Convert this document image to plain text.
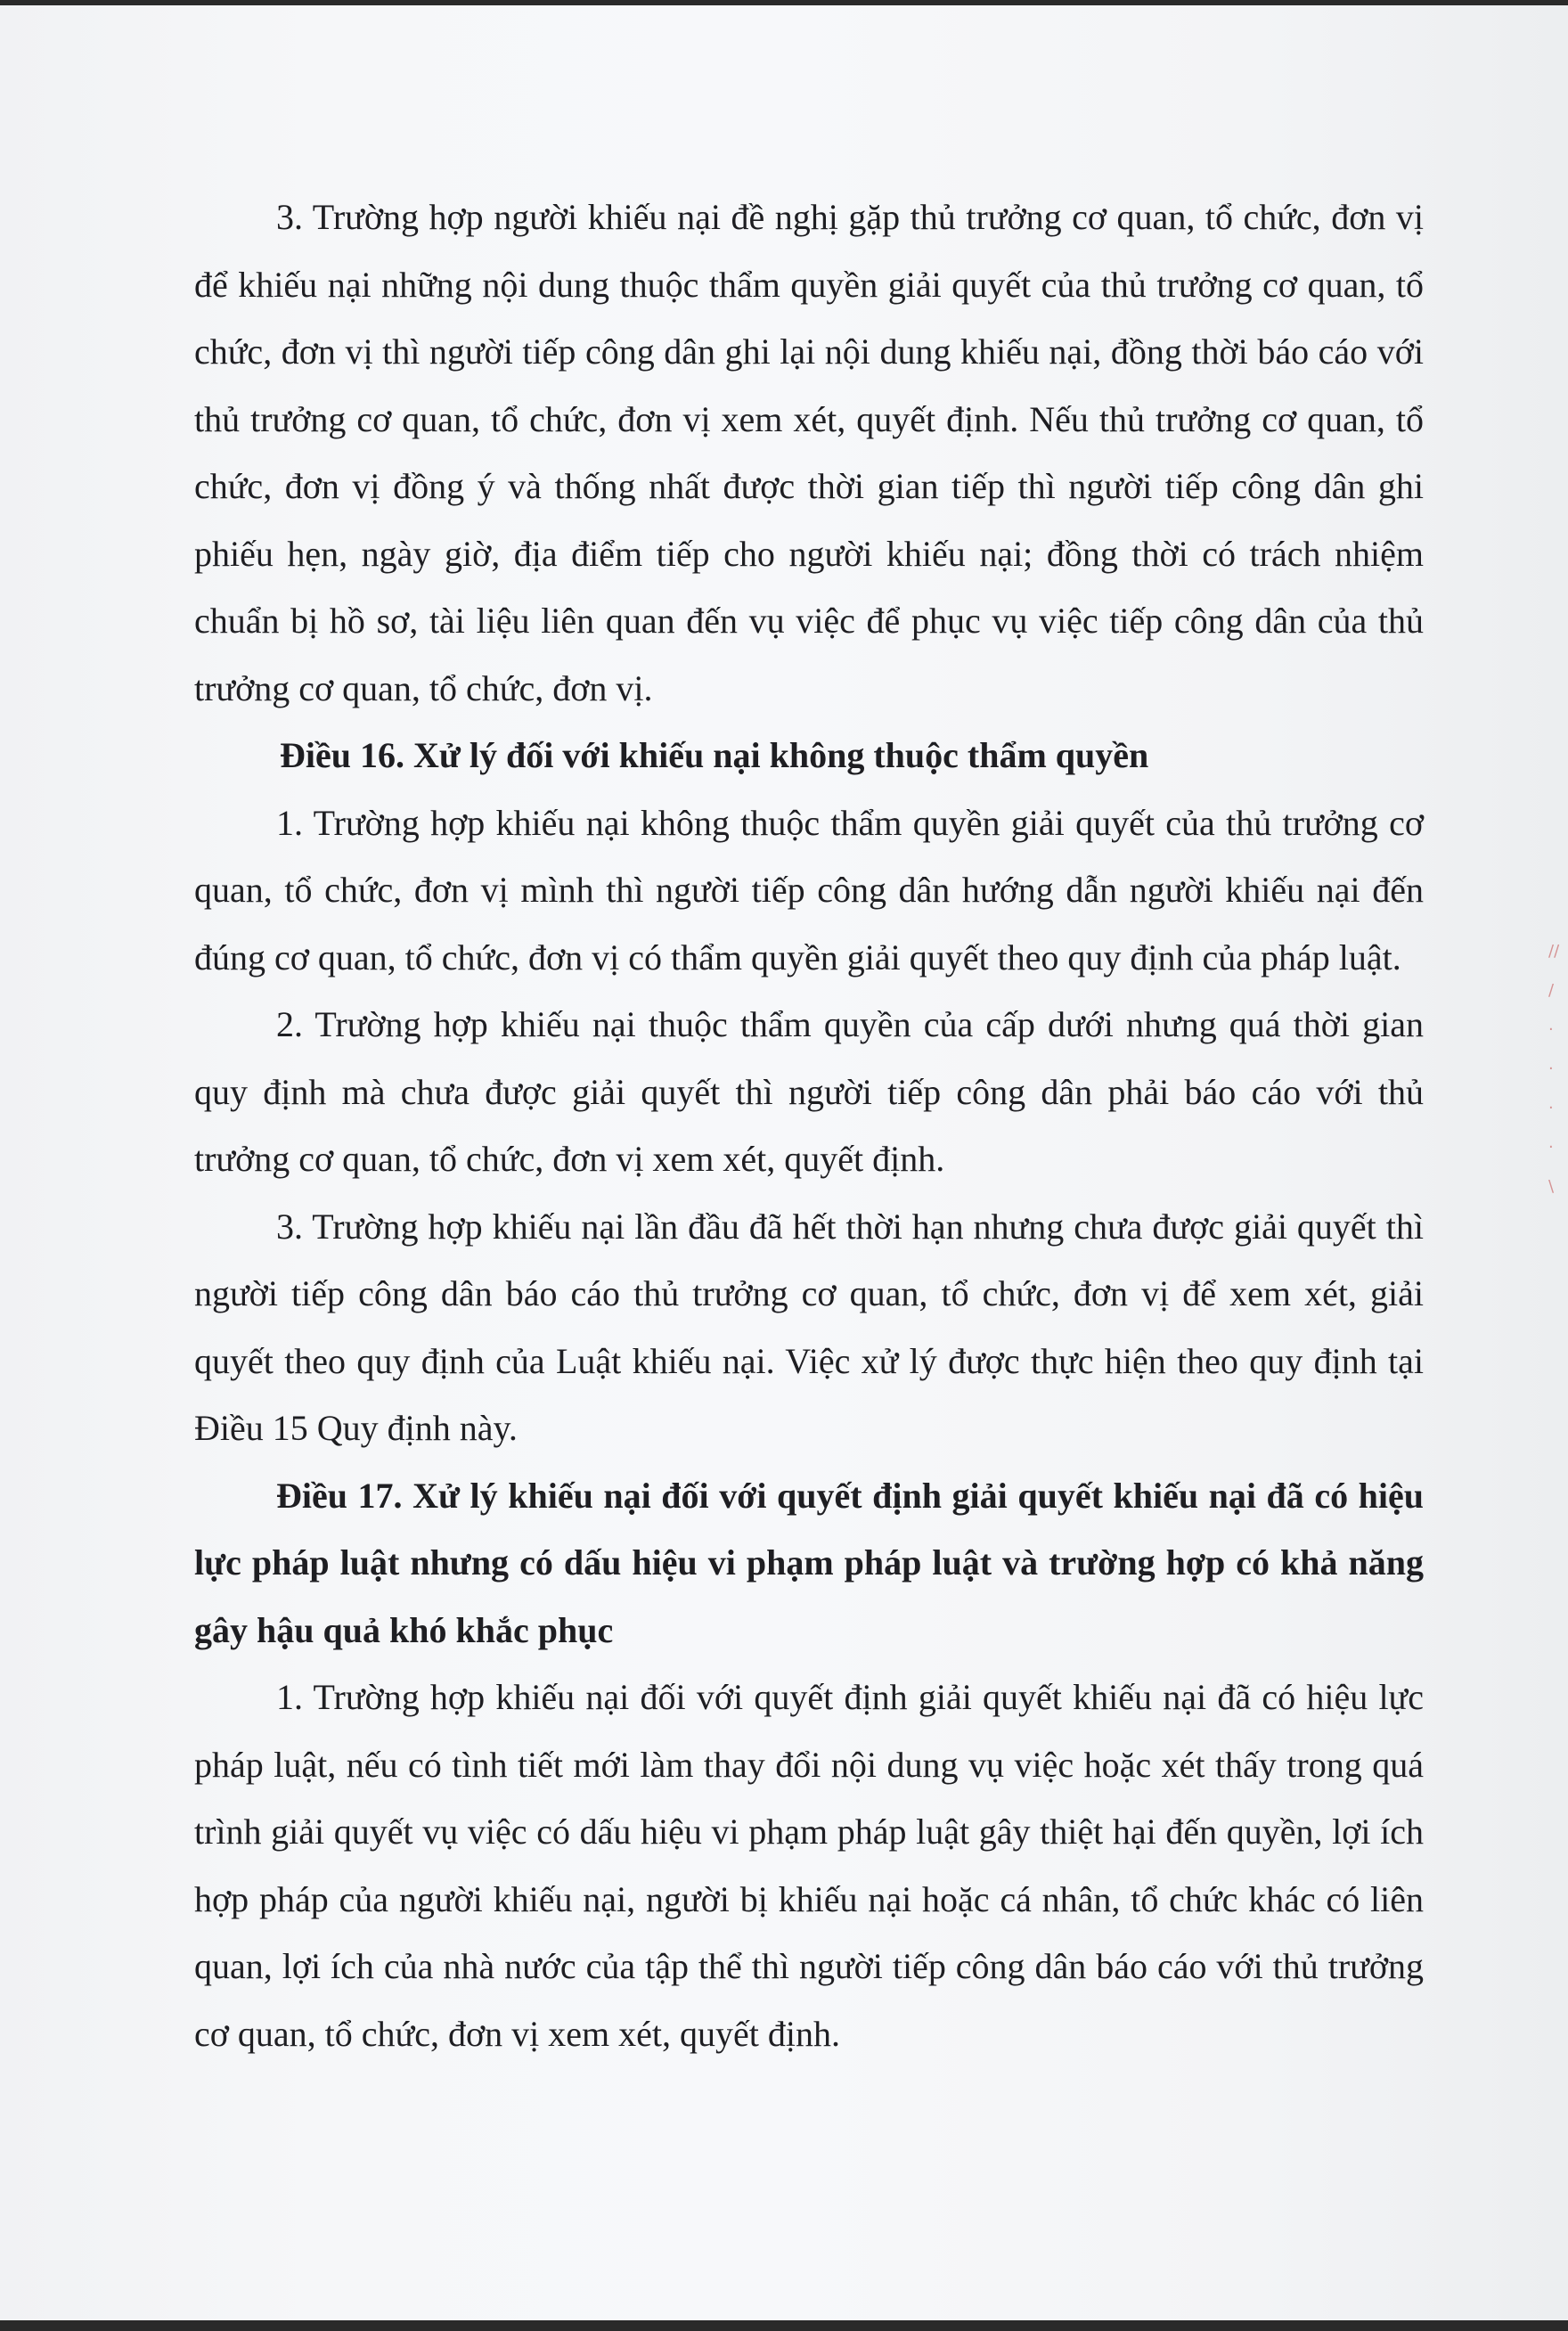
//
/
·
·
·
·
\

3. Trường hợp người khiếu nại đề nghị gặp thủ trưởng cơ quan, tổ chức, đơn vị để khiếu nại những nội dung thuộc thẩm quyền giải quyết của thủ trưởng cơ quan, tổ chức, đơn vị thì người tiếp công dân ghi lại nội dung khiếu nại, đồng thời báo cáo với thủ trưởng cơ quan, tổ chức, đơn vị xem xét, quyết định. Nếu thủ trưởng cơ quan, tổ chức, đơn vị đồng ý và thống nhất được thời gian tiếp thì người tiếp công dân ghi phiếu hẹn, ngày giờ, địa điểm tiếp cho người khiếu nại; đồng thời có trách nhiệm chuẩn bị hồ sơ, tài liệu liên quan đến vụ việc để phục vụ việc tiếp công dân của thủ trưởng cơ quan, tổ chức, đơn vị.

Điều 16. Xử lý đối với khiếu nại không thuộc thẩm quyền

1. Trường hợp khiếu nại không thuộc thẩm quyền giải quyết của thủ trưởng cơ quan, tổ chức, đơn vị mình thì người tiếp công dân hướng dẫn người khiếu nại đến đúng cơ quan, tổ chức, đơn vị có thẩm quyền giải quyết theo quy định của pháp luật.

2. Trường hợp khiếu nại thuộc thẩm quyền của cấp dưới nhưng quá thời gian quy định mà chưa được giải quyết thì người tiếp công dân phải báo cáo với thủ trưởng cơ quan, tổ chức, đơn vị xem xét, quyết định.

3. Trường hợp khiếu nại lần đầu đã hết thời hạn nhưng chưa được giải quyết thì người tiếp công dân báo cáo thủ trưởng cơ quan, tổ chức, đơn vị để xem xét, giải quyết theo quy định của Luật khiếu nại. Việc xử lý được thực hiện theo quy định tại Điều 15 Quy định này.

Điều 17. Xử lý khiếu nại đối với quyết định giải quyết khiếu nại đã có hiệu lực pháp luật nhưng có dấu hiệu vi phạm pháp luật và trường hợp có khả năng gây hậu quả khó khắc phục

1. Trường hợp khiếu nại đối với quyết định giải quyết khiếu nại đã có hiệu lực pháp luật, nếu có tình tiết mới làm thay đổi nội dung vụ việc hoặc xét thấy trong quá trình giải quyết vụ việc có dấu hiệu vi phạm pháp luật gây thiệt hại đến quyền, lợi ích hợp pháp của người khiếu nại, người bị khiếu nại hoặc cá nhân, tổ chức khác có liên quan, lợi ích của nhà nước của tập thể thì người tiếp công dân báo cáo với thủ trưởng cơ quan, tổ chức, đơn vị xem xét, quyết định.
